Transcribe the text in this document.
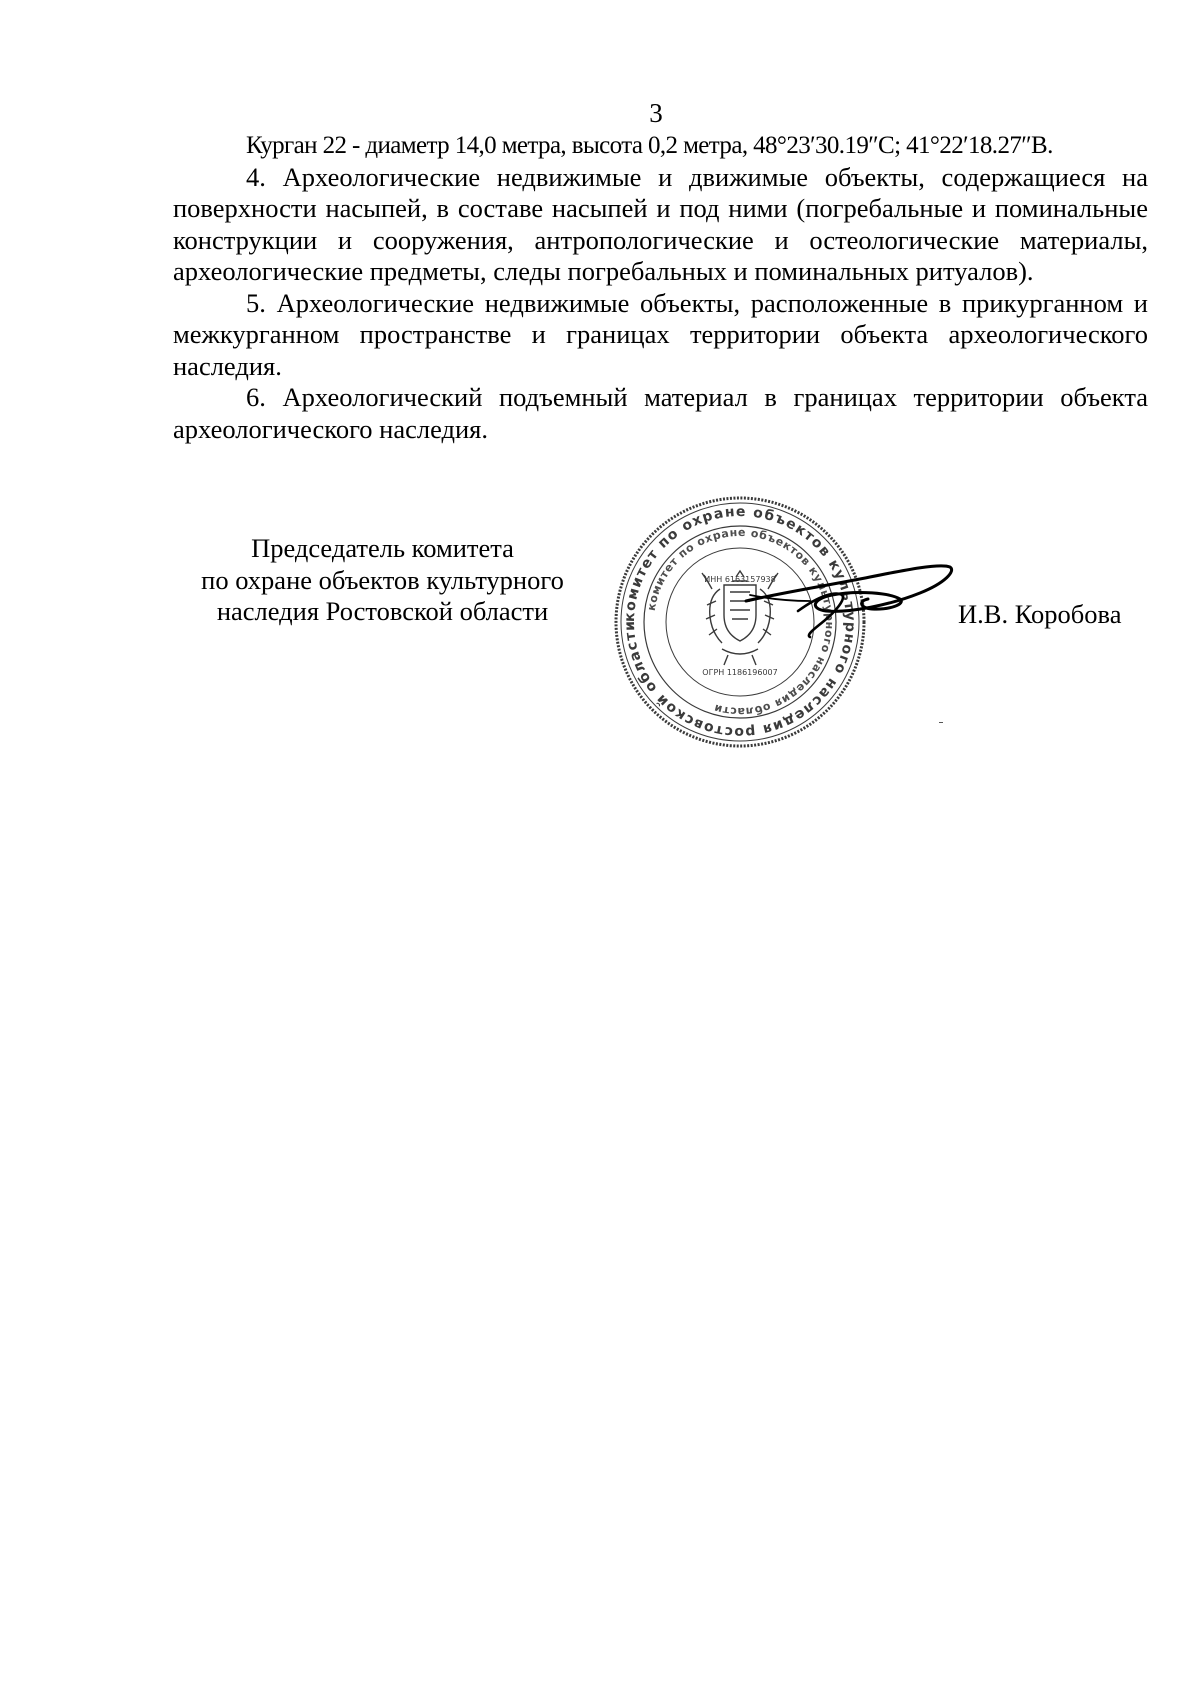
3

Курган 22 - диаметр 14,0 метра, высота 0,2 метра, 48°23′30.19″С; 41°22′18.27″В.

4. Археологические недвижимые и движимые объекты, содержащиеся на поверхности насыпей, в составе насыпей и под ними (погребальные и поминальные конструкции и сооружения, антропологические и остеологические материалы, археологические предметы, следы погребальных и поминальных ритуалов).

5. Археологические недвижимые объекты, расположенные в прикурганном и межкурганном пространстве и границах территории объекта археологического наследия.

6. Археологический подъемный материал в границах территории объекта археологического наследия.

Председатель комитета
по охране объектов культурного
наследия Ростовской области	комитет по охране объектов культурного наследия ростовской области
комитет по охране объектов культурного наследия области
ИНН 6163157938
ОГРН 1186196007
И.В. Коробова
